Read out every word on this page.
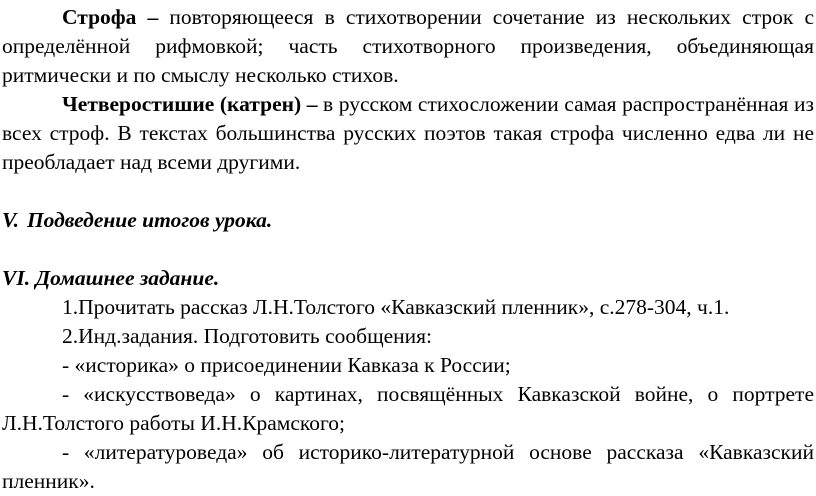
Строфа – повторяющееся в стихотворении сочетание из нескольких строк с определённой рифмовкой; часть стихотворного произведения, объединяющая ритмически и по смыслу несколько стихов.

Четверостишие (катрен) – в русском стихосложении самая распространённая из всех строф. В текстах большинства русских поэтов такая строфа численно едва ли не преобладает над всеми другими.

V. Подведение итогов урока.

VI. Домашнее задание.

1.Прочитать рассказ Л.Н.Толстого «Кавказский пленник», с.278-304, ч.1.

2.Инд.задания. Подготовить сообщения:

- «историка» о присоединении Кавказа к России;

- «искусствоведа» о картинах, посвящённых Кавказской войне, о портрете Л.Н.Толстого работы И.Н.Крамского;

- «литературоведа» об историко-литературной основе рассказа «Кавказский пленник».
